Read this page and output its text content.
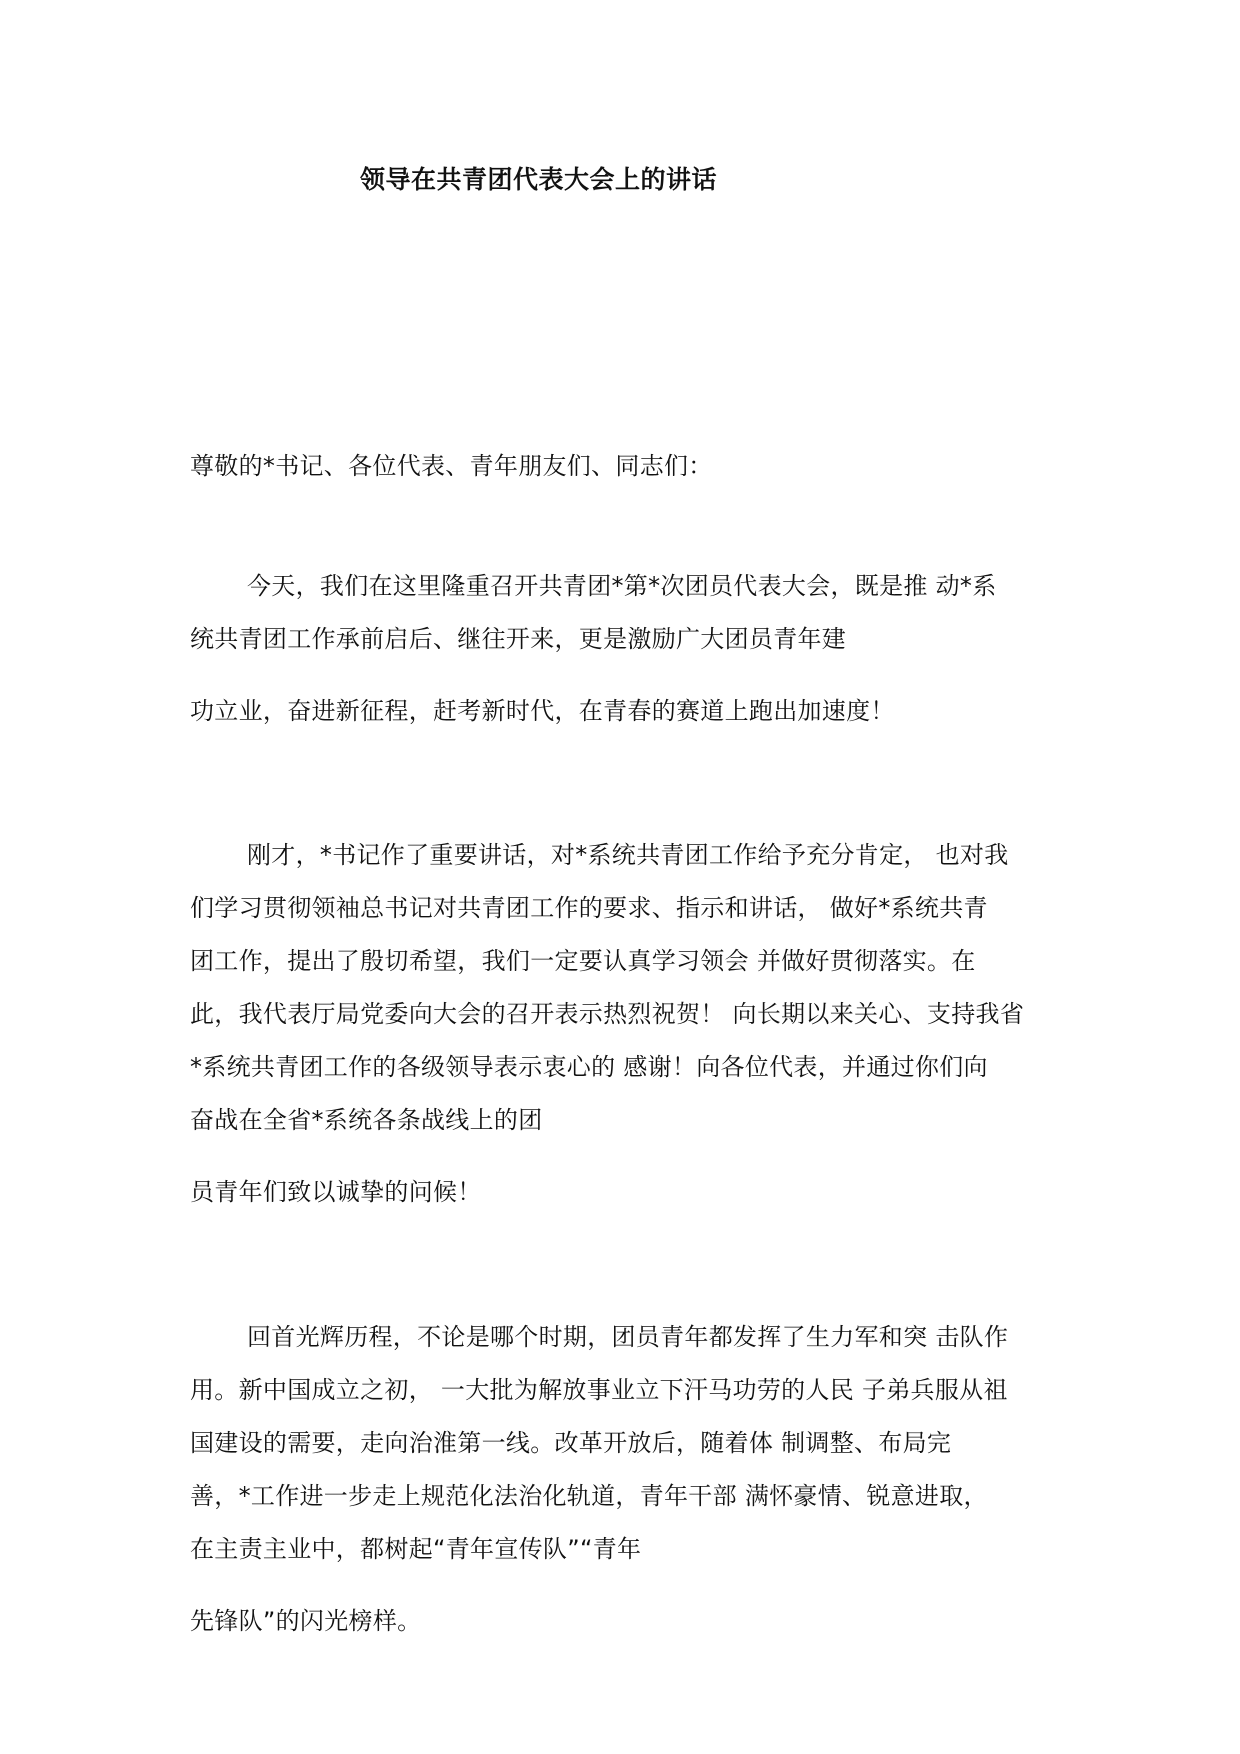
领导在共青团代表大会上的讲话
尊敬的*书记、各位代表、青年朋友们、同志们：
今天，我们在这里隆重召开共青团*第*次团员代表大会，既是推 动*系
统共青团工作承前启后、继往开来，更是激励广大团员青年建
功立业，奋进新征程，赶考新时代，在青春的赛道上跑出加速度！
刚才，*书记作了重要讲话，对*系统共青团工作给予充分肯定， 也对我
们学习贯彻领袖总书记对共青团工作的要求、指示和讲话， 做好*系统共青
团工作，提出了殷切希望，我们一定要认真学习领会 并做好贯彻落实。在
此，我代表厅局党委向大会的召开表示热烈祝贺！ 向长期以来关心、支持我省
*系统共青团工作的各级领导表示衷心的 感谢！向各位代表，并通过你们向
奋战在全省*系统各条战线上的团
员青年们致以诚挚的问候！
回首光辉历程，不论是哪个时期，团员青年都发挥了生力军和突 击队作
用。新中国成立之初， 一大批为解放事业立下汗马功劳的人民 子弟兵服从祖
国建设的需要，走向治淮第一线。改革开放后，随着体 制调整、布局完
善，*工作进一步走上规范化法治化轨道，青年干部 满怀豪情、锐意进取，
在主责主业中，都树起“青年宣传队”“青年
先锋队”的闪光榜样。
